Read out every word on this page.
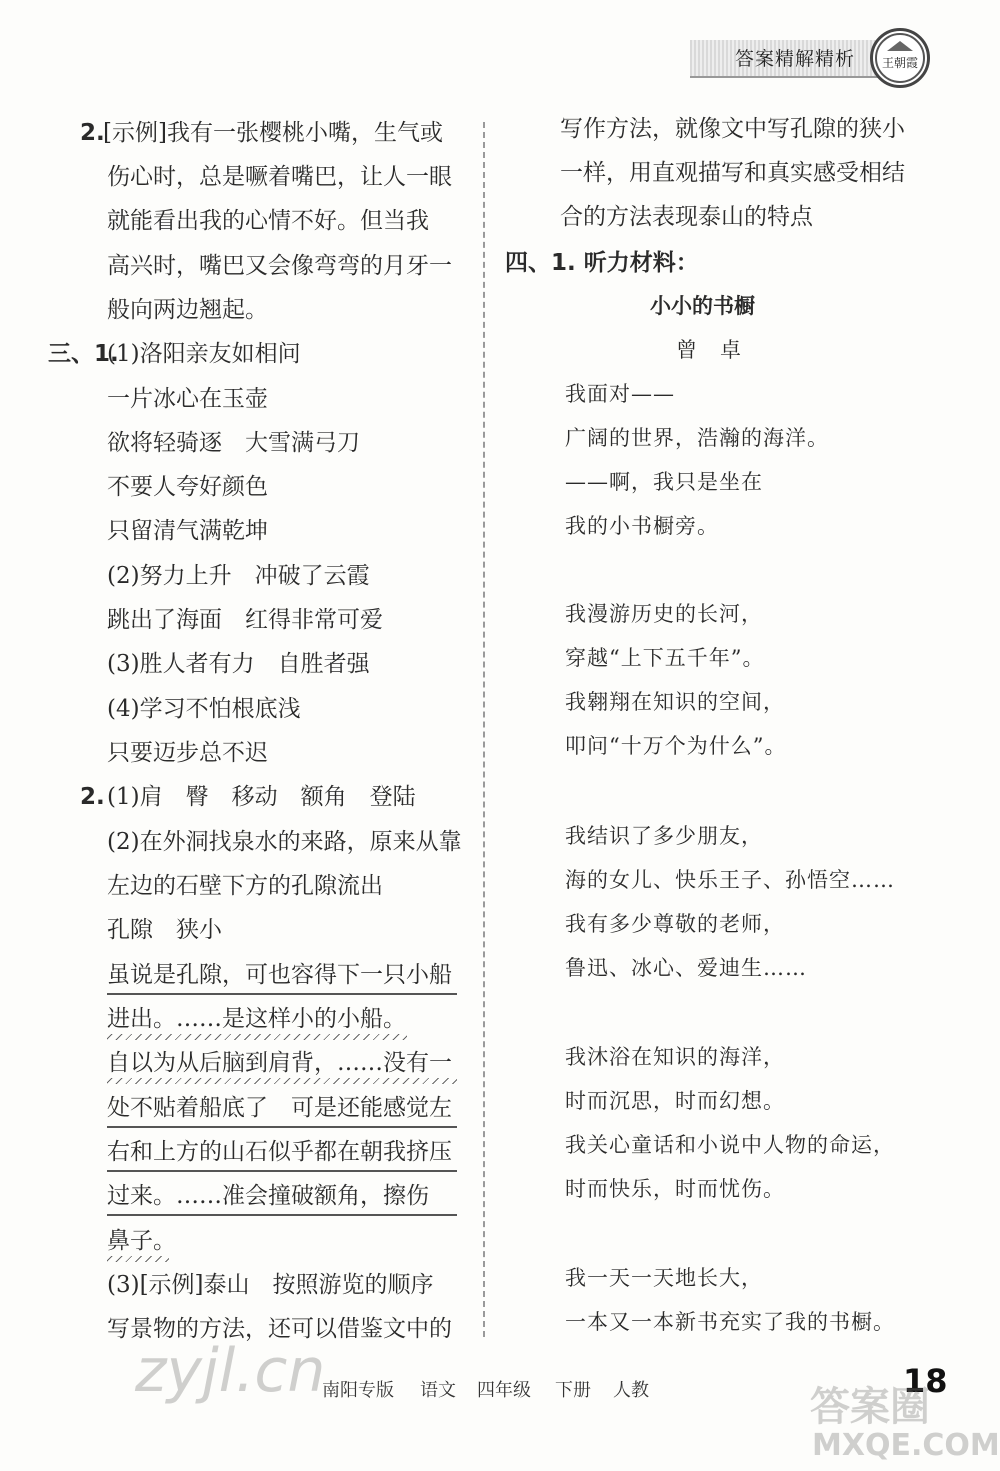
答案精解精析 王朝霞
2.
[示例]我有一张樱桃小嘴，生气或
伤心时，总是噘着嘴巴，让人一眼
就能看出我的心情不好。但当我
高兴时，嘴巴又会像弯弯的月牙一
般向两边翘起。
三、1.
(1)洛阳亲友如相问
一片冰心在玉壶
欲将轻骑逐　大雪满弓刀
不要人夸好颜色
只留清气满乾坤
(2)努力上升　冲破了云霞
跳出了海面　红得非常可爱
(3)胜人者有力　自胜者强
(4)学习不怕根底浅
只要迈步总不迟
2. (1)肩　臀　移动　额角　登陆
(2)在外洞找泉水的来路，原来从靠
左边的石壁下方的孔隙流出
孔隙　狭小
虽说是孔隙，可也容得下一只小船
进出。……是这样小的小船。
自以为从后脑到肩背，……没有一
处不贴着船底了　可是还能感觉左
右和上方的山石似乎都在朝我挤压
过来。……准会撞破额角，擦伤
鼻子。
(3)[示例]泰山　按照游览的顺序
写景物的方法，还可以借鉴文中的
写作方法，就像文中写孔隙的狭小
一样，用直观描写和真实感受相结
合的方法表现泰山的特点
四、1. 听力材料：
小小的书橱
曾　卓
我面对——
广阔的世界，浩瀚的海洋。
——啊，我只是坐在
我的小书橱旁。
我漫游历史的长河，
穿越“上下五千年”。
我翱翔在知识的空间，
叩问“十万个为什么”。
我结识了多少朋友，
海的女儿、快乐王子、孙悟空……
我有多少尊敬的老师，
鲁迅、冰心、爱迪生……
我沐浴在知识的海洋，
时而沉思，时而幻想。
我关心童话和小说中人物的命运，
时而快乐，时而忧伤。
我一天一天地长大，
一本又一本新书充实了我的书橱。
南阳专版 语文 四年级 下册 人教	18
zyjl.cn
答案圈
MXQE.COM
